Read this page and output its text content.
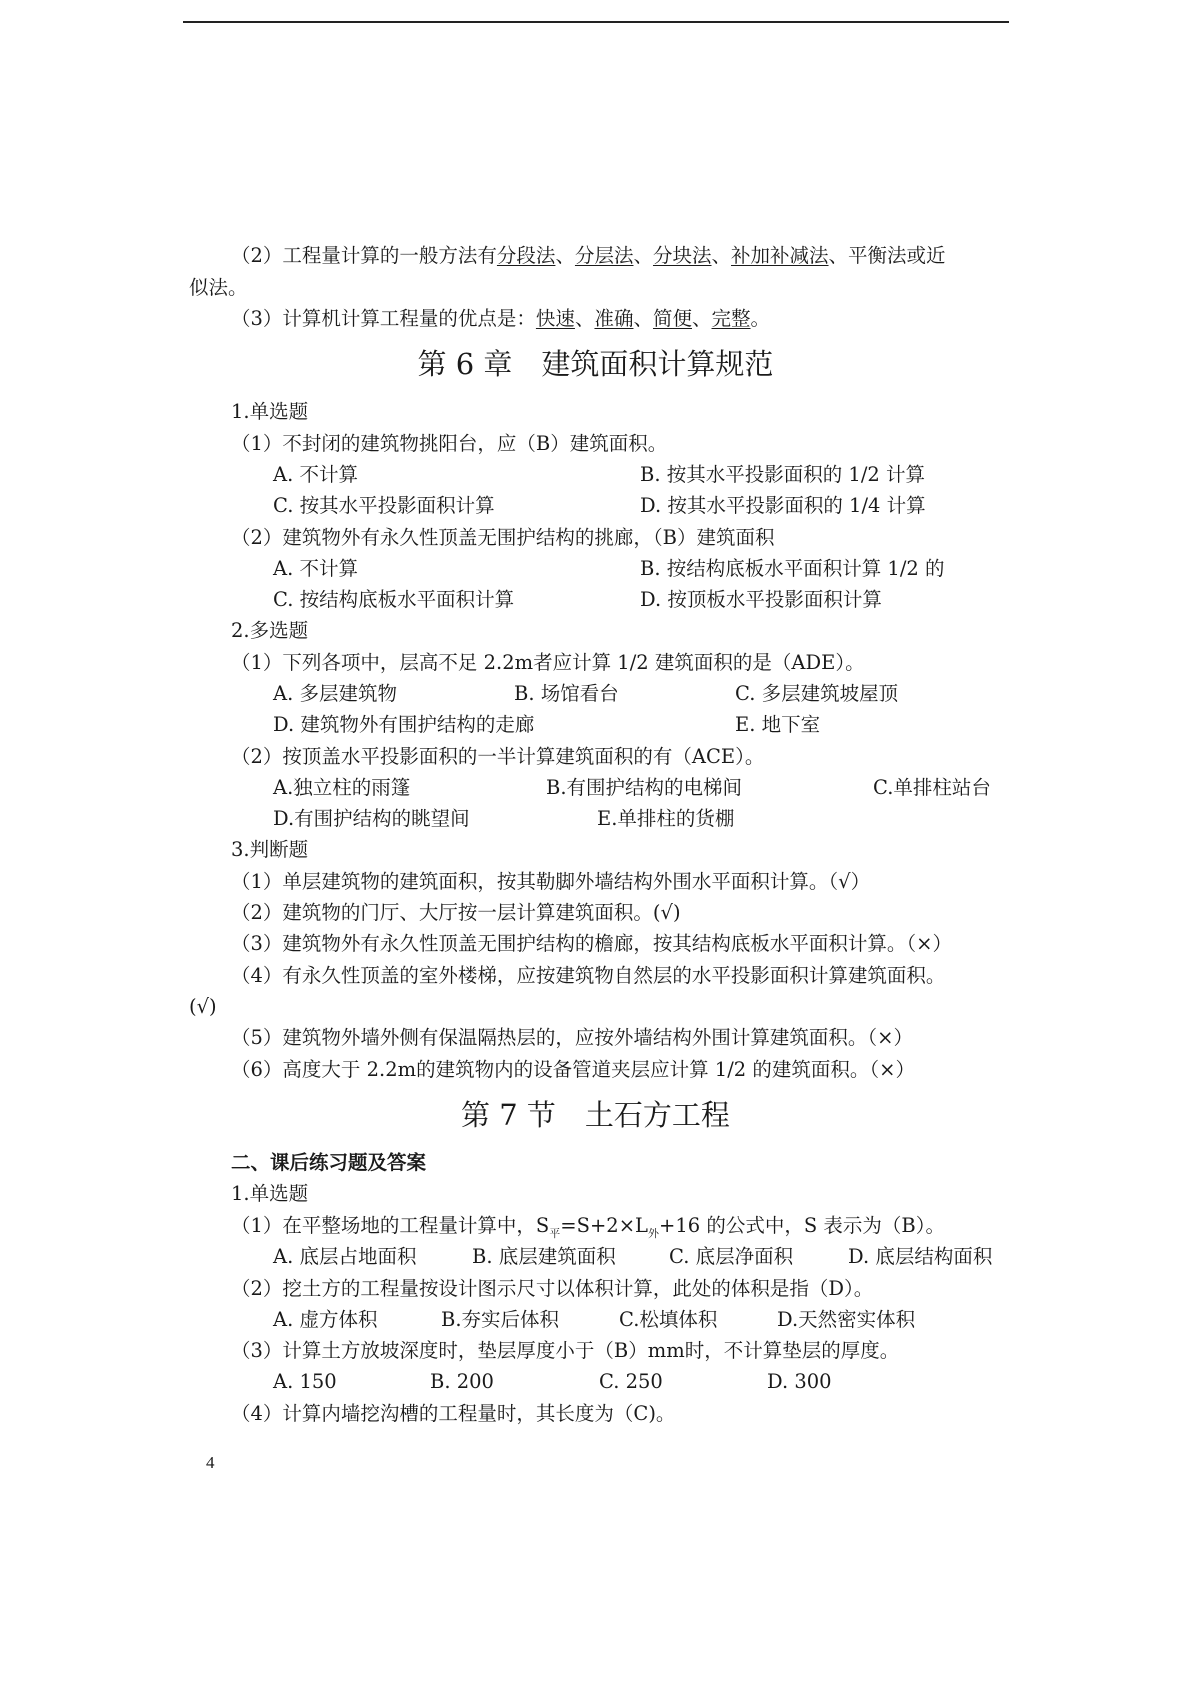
（2）工程量计算的一般方法有分段法、分层法、分块法、补加补减法、平衡法或近
似法。
（3）计算机计算工程量的优点是：快速、准确、简便、完整。
第 6 章　建筑面积计算规范
1.单选题
（1）不封闭的建筑物挑阳台，应（B）建筑面积。
A. 不计算	B. 按其水平投影面积的 1/2 计算
C. 按其水平投影面积计算	D. 按其水平投影面积的 1/4 计算
（2）建筑物外有永久性顶盖无围护结构的挑廊，（B）建筑面积
A. 不计算	B. 按结构底板水平面积计算 1/2 的
C. 按结构底板水平面积计算	D. 按顶板水平投影面积计算
2.多选题
（1）下列各项中，层高不足 2.2m者应计算 1/2 建筑面积的是（ADE）。
A. 多层建筑物	B. 场馆看台	C. 多层建筑坡屋顶
D. 建筑物外有围护结构的走廊	E. 地下室
（2）按顶盖水平投影面积的一半计算建筑面积的有（ACE）。
A.独立柱的雨篷	B.有围护结构的电梯间	C.单排柱站台
D.有围护结构的眺望间	E.单排柱的货棚
3.判断题
（1）单层建筑物的建筑面积，按其勒脚外墙结构外围水平面积计算。（√）
（2）建筑物的门厅、大厅按一层计算建筑面积。(√)
（3）建筑物外有永久性顶盖无围护结构的檐廊，按其结构底板水平面积计算。（×）
（4）有永久性顶盖的室外楼梯，应按建筑物自然层的水平投影面积计算建筑面积。
(√)
（5）建筑物外墙外侧有保温隔热层的，应按外墙结构外围计算建筑面积。（×）
（6）高度大于 2.2m的建筑物内的设备管道夹层应计算 1/2 的建筑面积。（×）
第 7 节　土石方工程
二、课后练习题及答案
1.单选题
（1）在平整场地的工程量计算中，$S_平=S+2\times L_外+16$ 的公式中，S 表示为（B）。
A. 底层占地面积	B. 底层建筑面积	C. 底层净面积	D. 底层结构面积
（2）挖土方的工程量按设计图示尺寸以体积计算，此处的体积是指（D）。
A. 虚方体积	B.夯实后体积	C.松填体积	D.天然密实体积
（3）计算土方放坡深度时，垫层厚度小于（B）mm时，不计算垫层的厚度。
A. 150	B. 200	C. 250	D. 300
（4）计算内墙挖沟槽的工程量时，其长度为（C)。
4
